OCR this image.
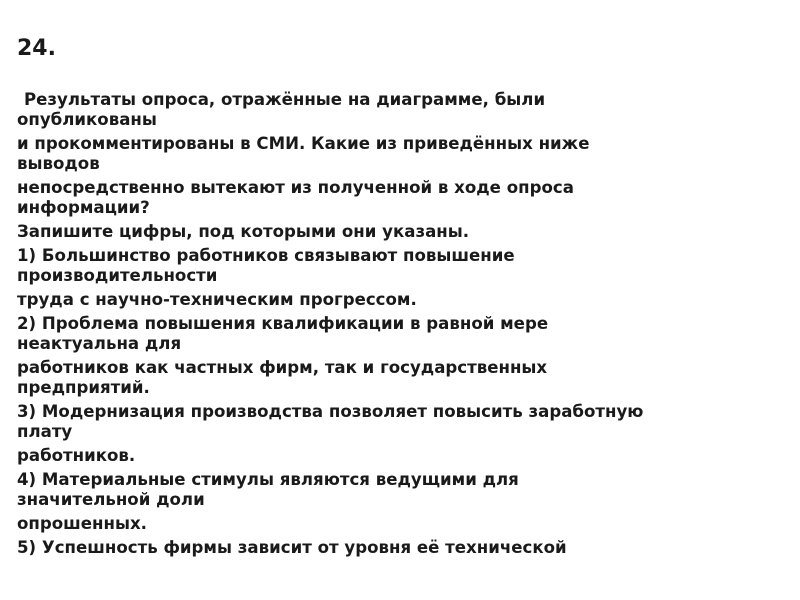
24.
Результаты опроса, отражённые на диаграмме, были
опубликованы
и прокомментированы в СМИ. Какие из приведённых ниже
выводов
непосредственно вытекают из полученной в ходе опроса
информации?
Запишите цифры, под которыми они указаны.
1) Большинство работников связывают повышение
производительности
труда с научно-техническим прогрессом.
2) Проблема повышения квалификации в равной мере
неактуальна для
работников как частных фирм, так и государственных
предприятий.
3) Модернизация производства позволяет повысить заработную
плату
работников.
4) Материальные стимулы являются ведущими для
значительной доли
опрошенных.
5) Успешность фирмы зависит от уровня её технической
